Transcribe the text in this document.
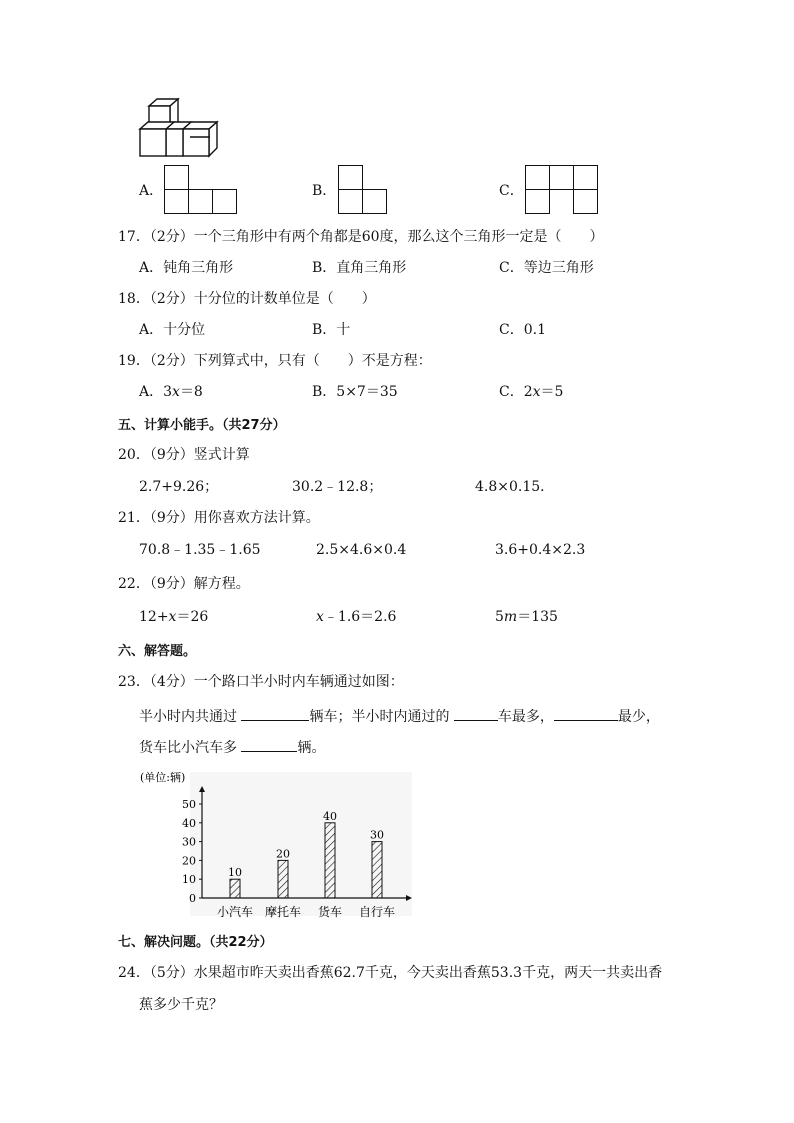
A．	B．	C．
17．（2分）一个三角形中有两个角都是60度，那么这个三角形一定是（　　）
A．钝角三角形	B．直角三角形	C．等边三角形
18．（2分）十分位的计数单位是（　　）
A．十分位	B．十	C．0.1
19．（2分）下列算式中，只有（　　）不是方程：
A．3x＝8	B．5×7＝35	C．2x＝5
五、计算小能手。（共27分）
20．（9分）竖式计算
2.7+9.26；	30.2﹣12.8；	4.8×0.15．
21．（9分）用你喜欢方法计算。
70.8﹣1.35﹣1.65	2.5×4.6×0.4	3.6+0.4×2.3
22．（9分）解方程。
12+x＝26	x﹣1.6＝2.6	5m＝135
六、解答题。
23．（4分）一个路口半小时内车辆通过如图：
半小时内共通过	辆车；半小时内通过的	车最多，	最少，
货车比小汽车多	辆。
(单位:辆)
0
10
20
30
40
50
10
20
40
30
小汽车 摩托车 货车 自行车
七、解决问题。（共22分）
24．（5分）水果超市昨天卖出香蕉62.7千克，今天卖出香蕉53.3千克，两天一共卖出香
蕉多少千克？
